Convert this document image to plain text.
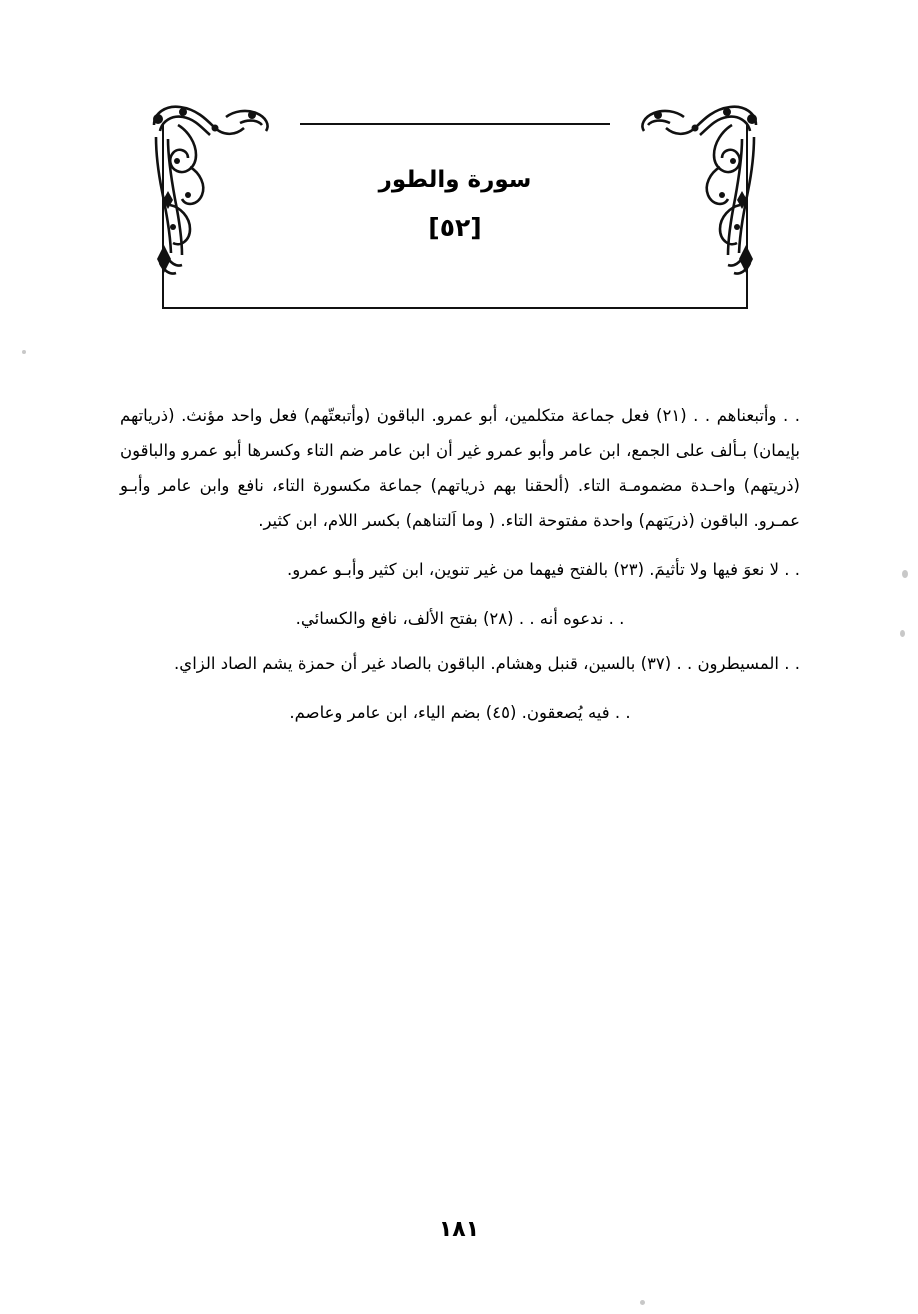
سورة والطور
[٥٢]

. . وأتبعناهم . . (٢١) فعل جماعة متكلمين، أبو عمرو. الباقون (وأتبعتّهم) فعل واحد مؤنث. (ذرياتهم بإيمان) بـألف على الجمع، ابن عامر وأبو عمرو غير أن ابن عامر ضم التاء وكسرها أبو عمرو والباقون (ذريتهم) واحـدة مضمومـة التاء. (ألحقنا بهم ذرياتهم) جماعة مكسورة التاء، نافع وابن عامر وأبـو عمـرو. الباقون (ذريَتهم) واحدة مفتوحة التاء. ( وما اَلتناهم) بكسر اللام، ابن كثير.

. . لا نعوَ فيها ولا تأثيمَ. (٢٣) بالفتح فيهما من غير تنوين، ابن كثير وأبـو عمرو.

. . ندعوه أنه . . (٢٨) بفتح الألف، نافع والكسائي.

. . المسيطرون . . (٣٧) بالسين، قنبل وهشام. الباقون بالصاد غير أن حمزة يشم الصاد الزاي.

. . فيه يُصعقون. (٤٥) بضم الياء، ابن عامر وعاصم.

١٨١
